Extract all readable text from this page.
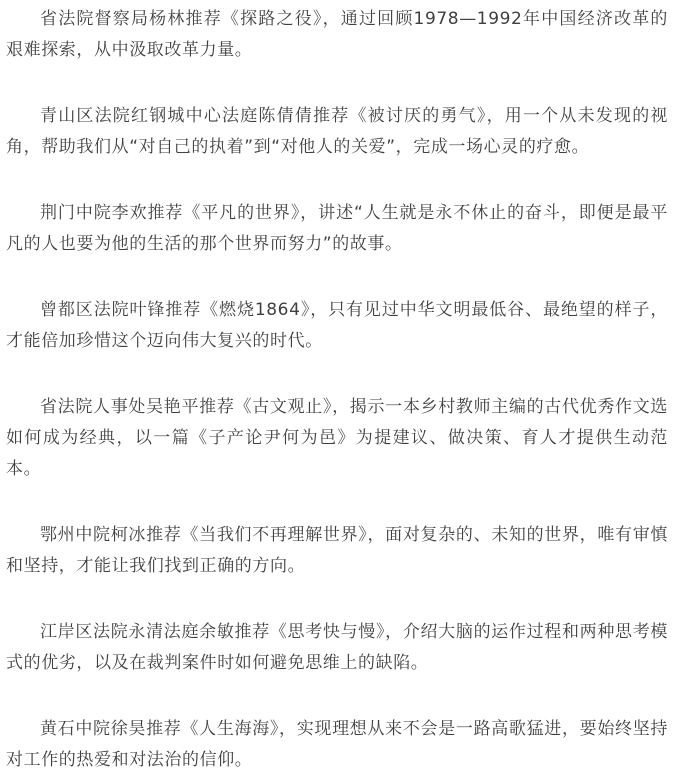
省法院督察局杨林推荐《探路之役》，通过回顾1978—1992年中国经济改革的艰难探索，从中汲取改革力量。

青山区法院红钢城中心法庭陈倩倩推荐《被讨厌的勇气》，用一个从未发现的视角，帮助我们从“对自己的执着”到“对他人的关爱”，完成一场心灵的疗愈。

荆门中院李欢推荐《平凡的世界》，讲述“人生就是永不休止的奋斗，即便是最平凡的人也要为他的生活的那个世界而努力”的故事。

曾都区法院叶锋推荐《燃烧1864》，只有见过中华文明最低谷、最绝望的样子，才能倍加珍惜这个迈向伟大复兴的时代。

省法院人事处吴艳平推荐《古文观止》，揭示一本乡村教师主编的古代优秀作文选如何成为经典，以一篇《子产论尹何为邑》为提建议、做决策、育人才提供生动范本。

鄂州中院柯冰推荐《当我们不再理解世界》，面对复杂的、未知的世界，唯有审慎和坚持，才能让我们找到正确的方向。

江岸区法院永清法庭余敏推荐《思考快与慢》，介绍大脑的运作过程和两种思考模式的优劣，以及在裁判案件时如何避免思维上的缺陷。

黄石中院徐昊推荐《人生海海》，实现理想从来不会是一路高歌猛进，要始终坚持对工作的热爱和对法治的信仰。
